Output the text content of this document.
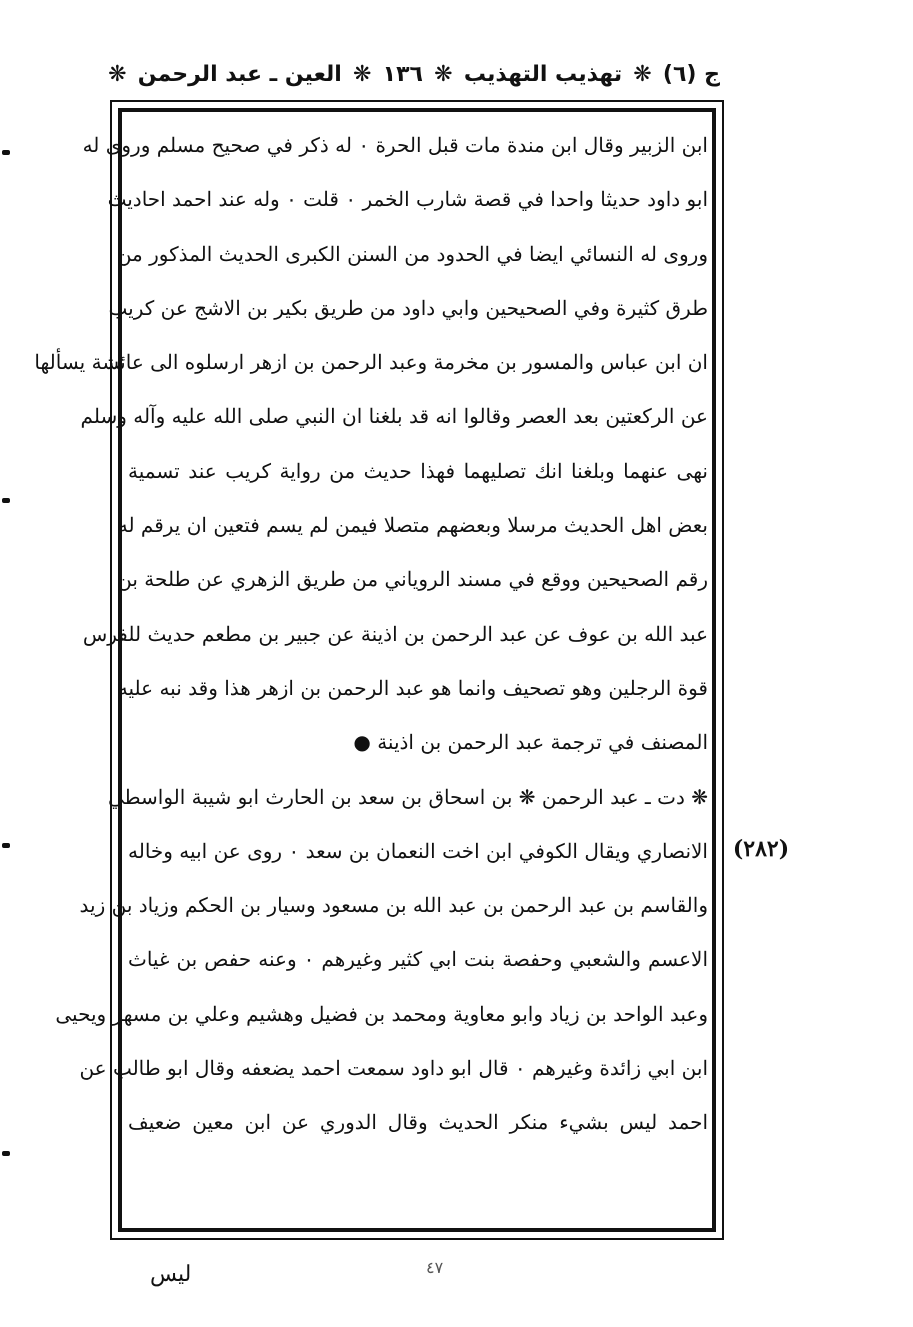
ج (٦)
❋
تهذيب التهذيب
❋
١٣٦
❋
العين ـ عبد الرحمن
❋
ابن الزبير وقال ابن مندة مات قبل الحرة ۰ له ذكر في صحيح مسلم وروى له
ابو داود حديثا واحدا في قصة شارب الخمر ۰ قلت ۰ وله عند احمد احاديث
وروى له النسائي ايضا في الحدود من السنن الكبرى الحديث المذكور من
طرق كثيرة وفي الصحيحين وابي داود من طريق بكير بن الاشج عن كريب
ان ابن عباس والمسور بن مخرمة وعبد الرحمن بن ازهر ارسلوه الى عائشة يسألها
عن الركعتين بعد العصر وقالوا انه قد بلغنا ان النبي صلى الله عليه وآله وسلم
نهى عنهما وبلغنا انك تصليهما فهذا حديث من رواية كريب عند تسمية
بعض اهل الحديث مرسلا وبعضهم متصلا فيمن لم يسم فتعين ان يرقم له
رقم الصحيحين ووقع في مسند الروياني من طريق الزهري عن طلحة بن
عبد الله بن عوف عن عبد الرحمن بن اذينة عن جبير بن مطعم حديث للفرس
قوة الرجلين وهو تصحيف وانما هو عبد الرحمن بن ازهر هذا وقد نبه عليه
المصنف في ترجمة عبد الرحمن بن اذينة ●
❋ دت ـ عبد الرحمن ❋ بن اسحاق بن سعد بن الحارث ابو شيبة الواسطي
الانصاري ويقال الكوفي ابن اخت النعمان بن سعد ۰ روى عن ابيه وخاله
والقاسم بن عبد الرحمن بن عبد الله بن مسعود وسيار بن الحكم وزياد بن زيد
الاعسم والشعبي وحفصة بنت ابي كثير وغيرهم ۰ وعنه حفص بن غياث
وعبد الواحد بن زياد وابو معاوية ومحمد بن فضيل وهشيم وعلي بن مسهر ويحيى
ابن ابي زائدة وغيرهم ۰ قال ابو داود سمعت احمد يضعفه وقال ابو طالب عن
احمد ليس بشيء منكر الحديث وقال الدوري عن ابن معين ضعيف
(٢٨٢)
ليس	٤٧
